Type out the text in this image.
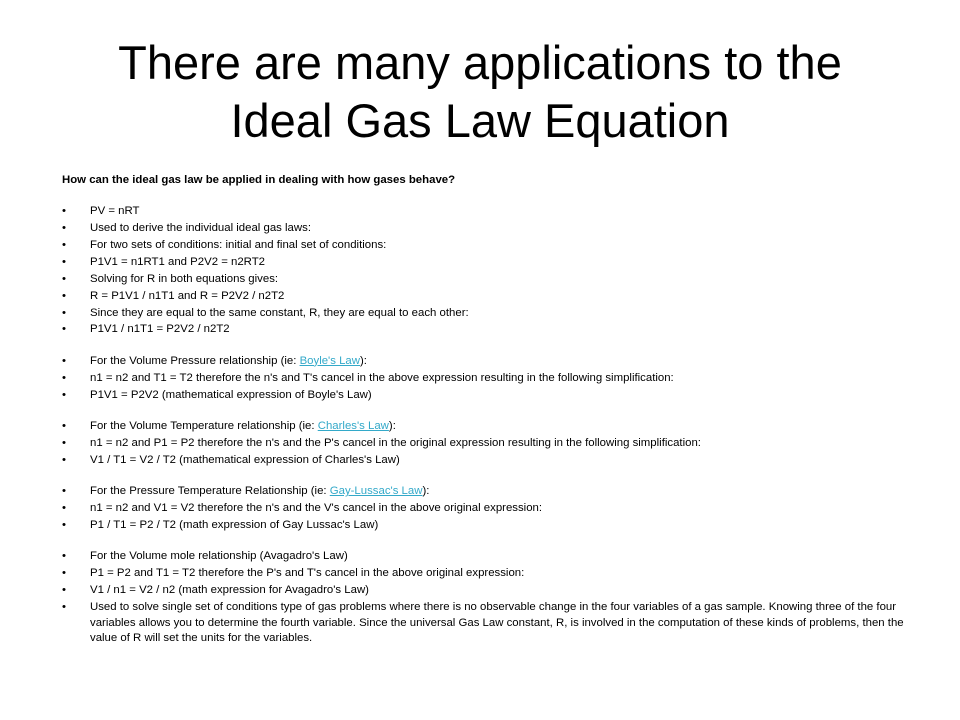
There are many applications to the
Ideal Gas Law Equation

How can the ideal gas law be applied in dealing with how gases behave?

• PV = nRT
• Used to derive the individual ideal gas laws:
• For two sets of conditions: initial and final set of conditions:
• P1V1 = n1RT1 and P2V2 = n2RT2
• Solving for R in both equations gives:
• R = P1V1 / n1T1 and R = P2V2 / n2T2
• Since they are equal to the same constant, R, they are equal to each other:
• P1V1 / n1T1 = P2V2 / n2T2
• For the Volume Pressure relationship (ie: Boyle's Law):
• n1 = n2 and T1 = T2 therefore the n's and T's cancel in the above expression resulting in the following simplification:
• P1V1 = P2V2 (mathematical expression of Boyle's Law)
• For the Volume Temperature relationship (ie: Charles's Law):
• n1 = n2 and P1 = P2 therefore the n's and the P's cancel in the original expression resulting in the following simplification:
• V1 / T1 = V2 / T2 (mathematical expression of Charles's Law)
• For the Pressure Temperature Relationship (ie: Gay-Lussac's Law):
• n1 = n2 and V1 = V2 therefore the n's and the V's cancel in the above original expression:
• P1 / T1 = P2 / T2 (math expression of Gay Lussac's Law)
• For the Volume mole relationship (Avagadro's Law)
• P1 = P2 and T1 = T2 therefore the P's and T's cancel in the above original expression:
• V1 / n1 = V2 / n2 (math expression for Avagadro's Law)
• Used to solve single set of conditions type of gas problems where there is no observable change in the four variables of a gas sample. Knowing three of the four variables allows you to determine the fourth variable. Since the universal Gas Law constant, R, is involved in the computation of these kinds of problems, then the value of R will set the units for the variables.
